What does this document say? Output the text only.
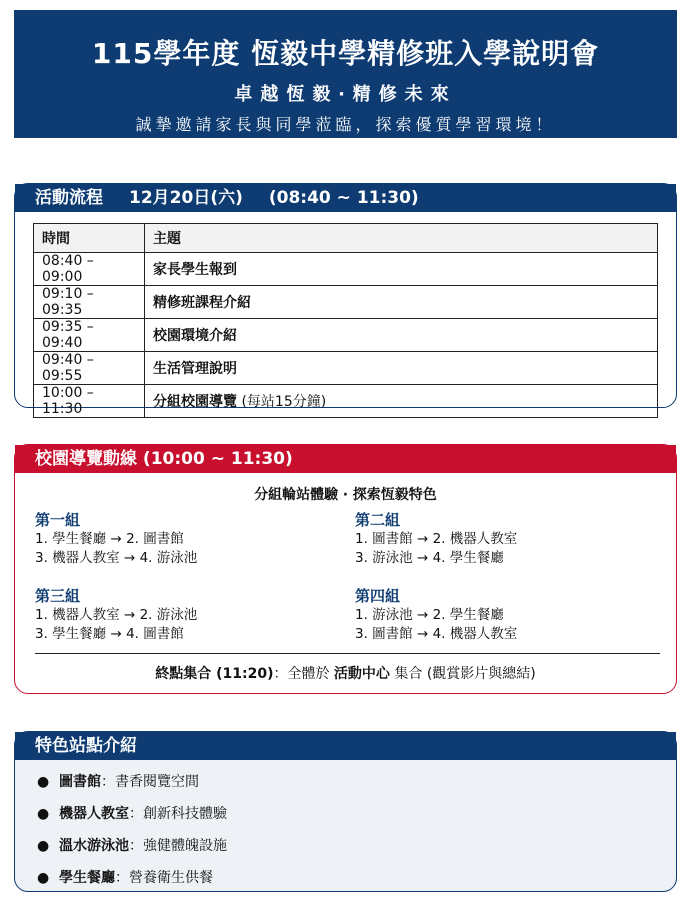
115學年度 恆毅中學精修班入學說明會
卓越恆毅‧精修未來
誠摯邀請家長與同學蒞臨，探索優質學習環境！
活動流程 12月20日(六) (08:40 ~ 11:30)
時間	主題
08:40 – 09:00	家長學生報到
09:10 – 09:35	精修班課程介紹
09:35 – 09:40	校園環境介紹
09:40 – 09:55	生活管理說明
10:00 – 11:30	分組校園導覽 (每站15分鐘)
校園導覽動線 (10:00 ~ 11:30)
分組輪站體驗 ‧ 探索恆毅特色
第一組
1. 學生餐廳 → 2. 圖書館
3. 機器人教室 → 4. 游泳池
第二組
1. 圖書館 → 2. 機器人教室
3. 游泳池 → 4. 學生餐廳
第三組
1. 機器人教室 → 2. 游泳池
3. 學生餐廳 → 4. 圖書館
第四組
1. 游泳池 → 2. 學生餐廳
3. 圖書館 → 4. 機器人教室
終點集合 (11:20)：全體於 活動中心 集合 (觀賞影片與總結)
特色站點介紹
● 圖書館：書香閱覽空間
● 機器人教室：創新科技體驗
● 溫水游泳池：強健體魄設施
● 學生餐廳：營養衛生供餐
